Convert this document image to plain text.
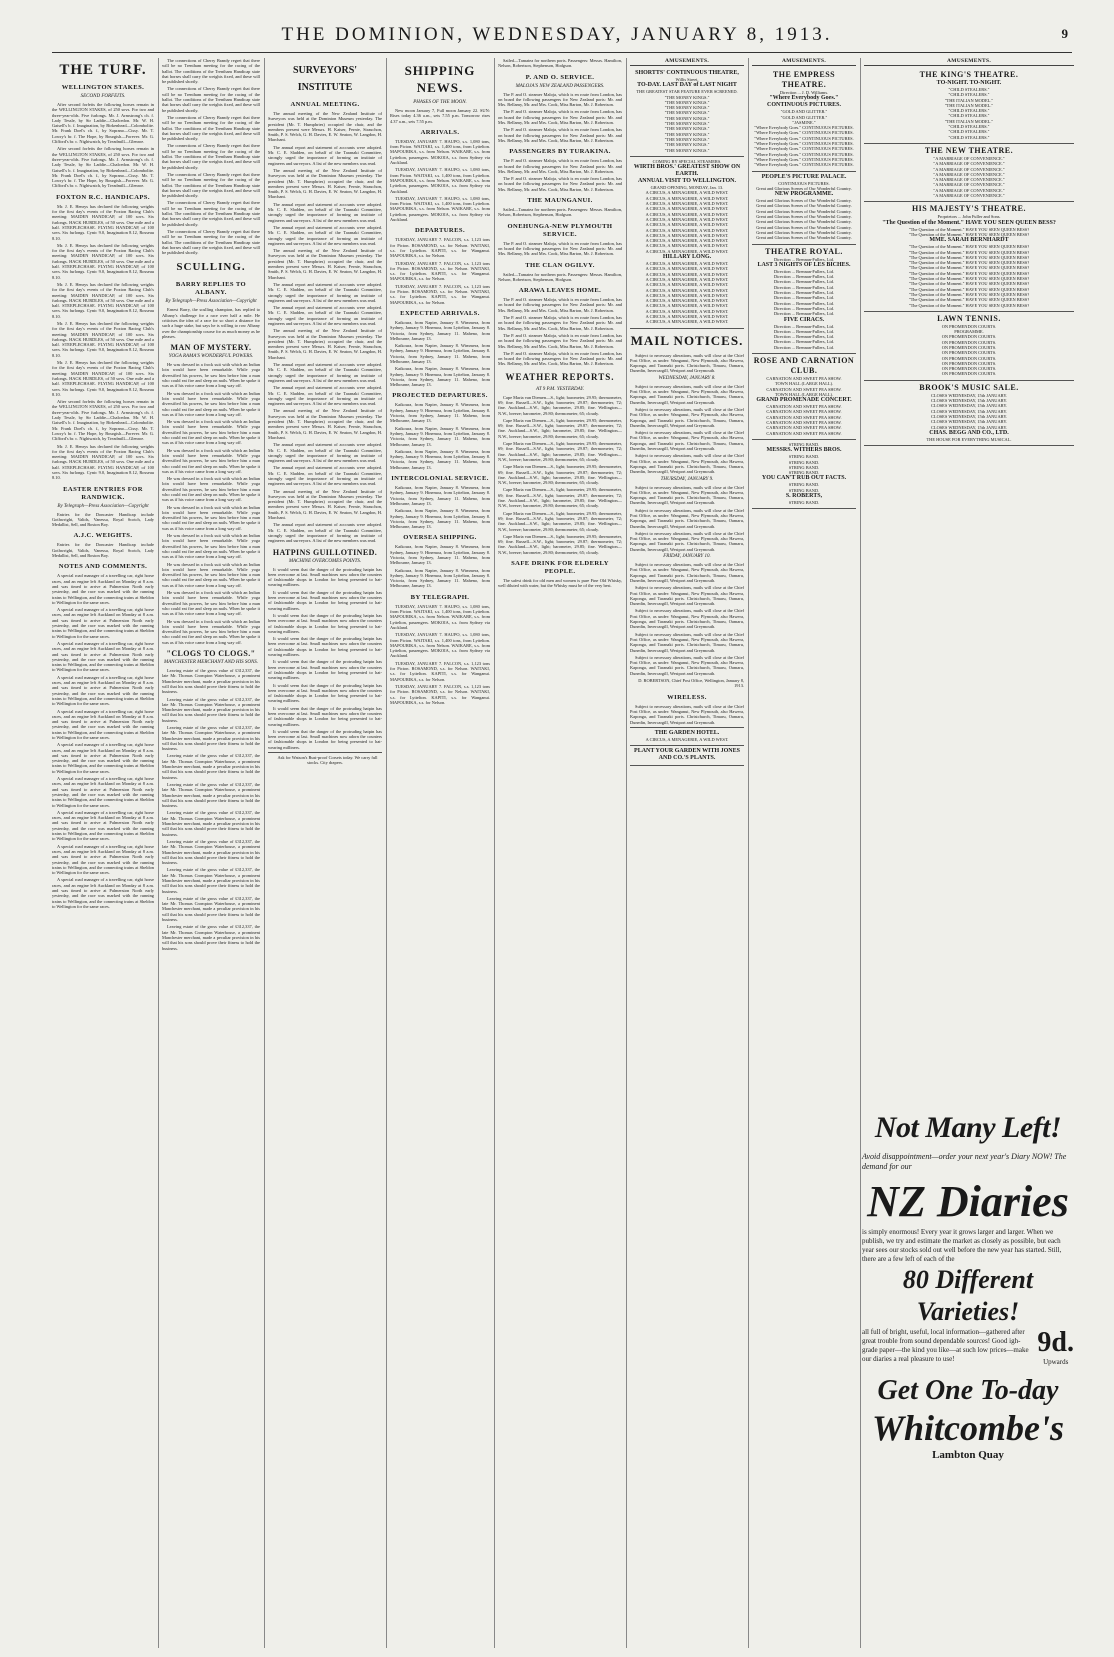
THE DOMINION, WEDNESDAY, JANUARY 8, 1913.	9
THE TURF.
WELLINGTON STAKES.
SECOND FORFEITS.

After second forfeits the following horses remain in the WELLINGTON STAKES, of 250 sovs. For two and three-year-olds. Five furlongs. Mr. J. Armstrong's ch. f. Lady Tessle, by Sir Laddie—Chalcedon. Mr. W. H. Gaisell's b. f. Imagination, by Birkenhead—Colombolite. Mr. Frank Doel's ch. f., by Soprano—Cissy. Mr. T. Lowry's br. f. The Hope, by Bourgish—Forever. Mr. G. Clifford's br. c. Nightwatch, by Treadmill—Glenroe.

After second forfeits the following horses remain in the WELLINGTON STAKES, of 250 sovs. For two and three-year-olds. Five furlongs. Mr. J. Armstrong's ch. f. Lady Tessle, by Sir Laddie—Chalcedon. Mr. W. H. Gaisell's b. f. Imagination, by Birkenhead—Colombolite. Mr. Frank Doel's ch. f., by Soprano—Cissy. Mr. T. Lowry's br. f. The Hope, by Bourgish—Forever. Mr. G. Clifford's br. c. Nightwatch, by Treadmill—Glenroe.

FOXTON R.C. HANDICAPS.

Mr. J. E. Henrys has declared the following weights for the first day's events of the Foxton Racing Club's meeting: MAIDEN HANDICAP, of 100 sovs. Six furlongs. HACK HURDLES, of 50 sovs. One mile and a half. STEEPLECHASE. FLYING HANDICAP, of 100 sovs. Six furlongs. Cynic 9.0, Imagination 8.12, Rosseau 8.10.

Mr. J. E. Henrys has declared the following weights for the first day's events of the Foxton Racing Club's meeting: MAIDEN HANDICAP, of 100 sovs. Six furlongs. HACK HURDLES, of 50 sovs. One mile and a half. STEEPLECHASE. FLYING HANDICAP, of 100 sovs. Six furlongs. Cynic 9.0, Imagination 8.12, Rosseau 8.10.

Mr. J. E. Henrys has declared the following weights for the first day's events of the Foxton Racing Club's meeting: MAIDEN HANDICAP, of 100 sovs. Six furlongs. HACK HURDLES, of 50 sovs. One mile and a half. STEEPLECHASE. FLYING HANDICAP, of 100 sovs. Six furlongs. Cynic 9.0, Imagination 8.12, Rosseau 8.10.

Mr. J. E. Henrys has declared the following weights for the first day's events of the Foxton Racing Club's meeting: MAIDEN HANDICAP, of 100 sovs. Six furlongs. HACK HURDLES, of 50 sovs. One mile and a half. STEEPLECHASE. FLYING HANDICAP, of 100 sovs. Six furlongs. Cynic 9.0, Imagination 8.12, Rosseau 8.10.

Mr. J. E. Henrys has declared the following weights for the first day's events of the Foxton Racing Club's meeting: MAIDEN HANDICAP, of 100 sovs. Six furlongs. HACK HURDLES, of 50 sovs. One mile and a half. STEEPLECHASE. FLYING HANDICAP, of 100 sovs. Six furlongs. Cynic 9.0, Imagination 8.12, Rosseau 8.10.

After second forfeits the following horses remain in the WELLINGTON STAKES, of 250 sovs. For two and three-year-olds. Five furlongs. Mr. J. Armstrong's ch. f. Lady Tessle, by Sir Laddie—Chalcedon. Mr. W. H. Gaisell's b. f. Imagination, by Birkenhead—Colombolite. Mr. Frank Doel's ch. f., by Soprano—Cissy. Mr. T. Lowry's br. f. The Hope, by Bourgish—Forever. Mr. G. Clifford's br. c. Nightwatch, by Treadmill—Glenroe.

Mr. J. E. Henrys has declared the following weights for the first day's events of the Foxton Racing Club's meeting: MAIDEN HANDICAP, of 100 sovs. Six furlongs. HACK HURDLES, of 50 sovs. One mile and a half. STEEPLECHASE. FLYING HANDICAP, of 100 sovs. Six furlongs. Cynic 9.0, Imagination 8.12, Rosseau 8.10.

EASTER ENTRIES FOR RANDWICK.
By Telegraph—Press Association—Copyright

Entries for the Doncaster Handicap include Gothwright, Valids, Vanessa, Royal Scotch, Lady Medallist, Sell, and Boston Boy.

A.J.C. WEIGHTS.

Entries for the Doncaster Handicap include Gothwright, Valids, Vanessa, Royal Scotch, Lady Medallist, Sell, and Boston Boy.

NOTES AND COMMENTS.

A special road manager of a travelling car, right horse races, and an engine left Auckland on Monday at 8 a.m. and was timed to arrive at Palmerston North early yesterday, and the race was marked with the running trains to Wellington, and the connecting trains at Sheldon to Wellington for the same races.

A special road manager of a travelling car, right horse races, and an engine left Auckland on Monday at 8 a.m. and was timed to arrive at Palmerston North early yesterday, and the race was marked with the running trains to Wellington, and the connecting trains at Sheldon to Wellington for the same races.

A special road manager of a travelling car, right horse races, and an engine left Auckland on Monday at 8 a.m. and was timed to arrive at Palmerston North early yesterday, and the race was marked with the running trains to Wellington, and the connecting trains at Sheldon to Wellington for the same races.

A special road manager of a travelling car, right horse races, and an engine left Auckland on Monday at 8 a.m. and was timed to arrive at Palmerston North early yesterday, and the race was marked with the running trains to Wellington, and the connecting trains at Sheldon to Wellington for the same races.

A special road manager of a travelling car, right horse races, and an engine left Auckland on Monday at 8 a.m. and was timed to arrive at Palmerston North early yesterday, and the race was marked with the running trains to Wellington, and the connecting trains at Sheldon to Wellington for the same races.

A special road manager of a travelling car, right horse races, and an engine left Auckland on Monday at 8 a.m. and was timed to arrive at Palmerston North early yesterday, and the race was marked with the running trains to Wellington, and the connecting trains at Sheldon to Wellington for the same races.

A special road manager of a travelling car, right horse races, and an engine left Auckland on Monday at 8 a.m. and was timed to arrive at Palmerston North early yesterday, and the race was marked with the running trains to Wellington, and the connecting trains at Sheldon to Wellington for the same races.

A special road manager of a travelling car, right horse races, and an engine left Auckland on Monday at 8 a.m. and was timed to arrive at Palmerston North early yesterday, and the race was marked with the running trains to Wellington, and the connecting trains at Sheldon to Wellington for the same races.

A special road manager of a travelling car, right horse races, and an engine left Auckland on Monday at 8 a.m. and was timed to arrive at Palmerston North early yesterday, and the race was marked with the running trains to Wellington, and the connecting trains at Sheldon to Wellington for the same races.

A special road manager of a travelling car, right horse races, and an engine left Auckland on Monday at 8 a.m. and was timed to arrive at Palmerston North early yesterday, and the race was marked with the running trains to Wellington, and the connecting trains at Sheldon to Wellington for the same races.

The connections of Cherry Brandy regret that there will be no Trentham meeting for the racing of the ballot. The conditions of the Trentham Handicap state that horses shall carry the weights fixed, and these will be published shortly.

The connections of Cherry Brandy regret that there will be no Trentham meeting for the racing of the ballot. The conditions of the Trentham Handicap state that horses shall carry the weights fixed, and these will be published shortly.

The connections of Cherry Brandy regret that there will be no Trentham meeting for the racing of the ballot. The conditions of the Trentham Handicap state that horses shall carry the weights fixed, and these will be published shortly.

The connections of Cherry Brandy regret that there will be no Trentham meeting for the racing of the ballot. The conditions of the Trentham Handicap state that horses shall carry the weights fixed, and these will be published shortly.

The connections of Cherry Brandy regret that there will be no Trentham meeting for the racing of the ballot. The conditions of the Trentham Handicap state that horses shall carry the weights fixed, and these will be published shortly.

The connections of Cherry Brandy regret that there will be no Trentham meeting for the racing of the ballot. The conditions of the Trentham Handicap state that horses shall carry the weights fixed, and these will be published shortly.

The connections of Cherry Brandy regret that there will be no Trentham meeting for the racing of the ballot. The conditions of the Trentham Handicap state that horses shall carry the weights fixed, and these will be published shortly.

SCULLING.
BARRY REPLIES TO ALBANY.
By Telegraph—Press Association—Copyright

Ernest Barry, the sculling champion, has replied to Albany's challenge for a race over half a mile. He criticises the idea of a race for so short a distance for such a huge stake, but says he is willing to row Albany over the championship course for as much money as he pleases.

MAN OF MYSTERY.
YOGA RAMA'S WONDERFUL POWERS.

He was dressed in a frock suit with which an Indian loin would have been remarkable. While yoga diversified his powers, he saw him before him a man who could eat fire and sleep on nails. When he spoke it was as if his voice came from a long way off.

He was dressed in a frock suit with which an Indian loin would have been remarkable. While yoga diversified his powers, he saw him before him a man who could eat fire and sleep on nails. When he spoke it was as if his voice came from a long way off.

He was dressed in a frock suit with which an Indian loin would have been remarkable. While yoga diversified his powers, he saw him before him a man who could eat fire and sleep on nails. When he spoke it was as if his voice came from a long way off.

He was dressed in a frock suit with which an Indian loin would have been remarkable. While yoga diversified his powers, he saw him before him a man who could eat fire and sleep on nails. When he spoke it was as if his voice came from a long way off.

He was dressed in a frock suit with which an Indian loin would have been remarkable. While yoga diversified his powers, he saw him before him a man who could eat fire and sleep on nails. When he spoke it was as if his voice came from a long way off.

He was dressed in a frock suit with which an Indian loin would have been remarkable. While yoga diversified his powers, he saw him before him a man who could eat fire and sleep on nails. When he spoke it was as if his voice came from a long way off.

He was dressed in a frock suit with which an Indian loin would have been remarkable. While yoga diversified his powers, he saw him before him a man who could eat fire and sleep on nails. When he spoke it was as if his voice came from a long way off.

He was dressed in a frock suit with which an Indian loin would have been remarkable. While yoga diversified his powers, he saw him before him a man who could eat fire and sleep on nails. When he spoke it was as if his voice came from a long way off.

He was dressed in a frock suit with which an Indian loin would have been remarkable. While yoga diversified his powers, he saw him before him a man who could eat fire and sleep on nails. When he spoke it was as if his voice came from a long way off.

He was dressed in a frock suit with which an Indian loin would have been remarkable. While yoga diversified his powers, he saw him before him a man who could eat fire and sleep on nails. When he spoke it was as if his voice came from a long way off.

"CLOGS TO CLOGS."
MANCHESTER MERCHANT AND HIS SONS.

Leaving estate of the gross value of £312,337, the late Mr. Thomas Crompton Waterhouse, a prominent Manchester merchant, made a peculiar provision in his will that his sons should prove their fitness to hold the business.

Leaving estate of the gross value of £312,337, the late Mr. Thomas Crompton Waterhouse, a prominent Manchester merchant, made a peculiar provision in his will that his sons should prove their fitness to hold the business.

Leaving estate of the gross value of £312,337, the late Mr. Thomas Crompton Waterhouse, a prominent Manchester merchant, made a peculiar provision in his will that his sons should prove their fitness to hold the business.

Leaving estate of the gross value of £312,337, the late Mr. Thomas Crompton Waterhouse, a prominent Manchester merchant, made a peculiar provision in his will that his sons should prove their fitness to hold the business.

Leaving estate of the gross value of £312,337, the late Mr. Thomas Crompton Waterhouse, a prominent Manchester merchant, made a peculiar provision in his will that his sons should prove their fitness to hold the business.

Leaving estate of the gross value of £312,337, the late Mr. Thomas Crompton Waterhouse, a prominent Manchester merchant, made a peculiar provision in his will that his sons should prove their fitness to hold the business.

Leaving estate of the gross value of £312,337, the late Mr. Thomas Crompton Waterhouse, a prominent Manchester merchant, made a peculiar provision in his will that his sons should prove their fitness to hold the business.

Leaving estate of the gross value of £312,337, the late Mr. Thomas Crompton Waterhouse, a prominent Manchester merchant, made a peculiar provision in his will that his sons should prove their fitness to hold the business.

Leaving estate of the gross value of £312,337, the late Mr. Thomas Crompton Waterhouse, a prominent Manchester merchant, made a peculiar provision in his will that his sons should prove their fitness to hold the business.

Leaving estate of the gross value of £312,337, the late Mr. Thomas Crompton Waterhouse, a prominent Manchester merchant, made a peculiar provision in his will that his sons should prove their fitness to hold the business.

SURVEYORS' INSTITUTE
ANNUAL MEETING.

The annual meeting of the New Zealand Institute of Surveyors was held at the Dominion Museum yesterday. The president (Mr. T. Humphries) occupied the chair, and the members present were Messrs. H. Kaiser, Fernie, Strauchon, Smith, P. S. Welch, G. H. Davies, E. W. Seaton, W. Langdon, H. Marchant.

The annual report and statement of accounts were adopted. Mr. C. E. Sladden, on behalf of the Taranaki Committee, strongly urged the importance of forming an institute of engineers and surveyors. A list of the new members was read.

The annual meeting of the New Zealand Institute of Surveyors was held at the Dominion Museum yesterday. The president (Mr. T. Humphries) occupied the chair, and the members present were Messrs. H. Kaiser, Fernie, Strauchon, Smith, P. S. Welch, G. H. Davies, E. W. Seaton, W. Langdon, H. Marchant.

The annual report and statement of accounts were adopted. Mr. C. E. Sladden, on behalf of the Taranaki Committee, strongly urged the importance of forming an institute of engineers and surveyors. A list of the new members was read.

The annual report and statement of accounts were adopted. Mr. C. E. Sladden, on behalf of the Taranaki Committee, strongly urged the importance of forming an institute of engineers and surveyors. A list of the new members was read.

The annual meeting of the New Zealand Institute of Surveyors was held at the Dominion Museum yesterday. The president (Mr. T. Humphries) occupied the chair, and the members present were Messrs. H. Kaiser, Fernie, Strauchon, Smith, P. S. Welch, G. H. Davies, E. W. Seaton, W. Langdon, H. Marchant.

The annual report and statement of accounts were adopted. Mr. C. E. Sladden, on behalf of the Taranaki Committee, strongly urged the importance of forming an institute of engineers and surveyors. A list of the new members was read.

The annual report and statement of accounts were adopted. Mr. C. E. Sladden, on behalf of the Taranaki Committee, strongly urged the importance of forming an institute of engineers and surveyors. A list of the new members was read.

The annual meeting of the New Zealand Institute of Surveyors was held at the Dominion Museum yesterday. The president (Mr. T. Humphries) occupied the chair, and the members present were Messrs. H. Kaiser, Fernie, Strauchon, Smith, P. S. Welch, G. H. Davies, E. W. Seaton, W. Langdon, H. Marchant.

The annual report and statement of accounts were adopted. Mr. C. E. Sladden, on behalf of the Taranaki Committee, strongly urged the importance of forming an institute of engineers and surveyors. A list of the new members was read.

The annual report and statement of accounts were adopted. Mr. C. E. Sladden, on behalf of the Taranaki Committee, strongly urged the importance of forming an institute of engineers and surveyors. A list of the new members was read.

The annual meeting of the New Zealand Institute of Surveyors was held at the Dominion Museum yesterday. The president (Mr. T. Humphries) occupied the chair, and the members present were Messrs. H. Kaiser, Fernie, Strauchon, Smith, P. S. Welch, G. H. Davies, E. W. Seaton, W. Langdon, H. Marchant.

The annual report and statement of accounts were adopted. Mr. C. E. Sladden, on behalf of the Taranaki Committee, strongly urged the importance of forming an institute of engineers and surveyors. A list of the new members was read.

The annual report and statement of accounts were adopted. Mr. C. E. Sladden, on behalf of the Taranaki Committee, strongly urged the importance of forming an institute of engineers and surveyors. A list of the new members was read.

The annual meeting of the New Zealand Institute of Surveyors was held at the Dominion Museum yesterday. The president (Mr. T. Humphries) occupied the chair, and the members present were Messrs. H. Kaiser, Fernie, Strauchon, Smith, P. S. Welch, G. H. Davies, E. W. Seaton, W. Langdon, H. Marchant.

The annual report and statement of accounts were adopted. Mr. C. E. Sladden, on behalf of the Taranaki Committee, strongly urged the importance of forming an institute of engineers and surveyors. A list of the new members was read.

HATPINS GUILLOTINED.
MACHINE OVERCOMES POINTS.

It would seem that the danger of the protruding hatpin has been overcome at last. Small machines now adorn the counters of fashionable shops in London for being presented to hat-wearing milliners.

It would seem that the danger of the protruding hatpin has been overcome at last. Small machines now adorn the counters of fashionable shops in London for being presented to hat-wearing milliners.

It would seem that the danger of the protruding hatpin has been overcome at last. Small machines now adorn the counters of fashionable shops in London for being presented to hat-wearing milliners.

It would seem that the danger of the protruding hatpin has been overcome at last. Small machines now adorn the counters of fashionable shops in London for being presented to hat-wearing milliners.

It would seem that the danger of the protruding hatpin has been overcome at last. Small machines now adorn the counters of fashionable shops in London for being presented to hat-wearing milliners.

It would seem that the danger of the protruding hatpin has been overcome at last. Small machines now adorn the counters of fashionable shops in London for being presented to hat-wearing milliners.

It would seem that the danger of the protruding hatpin has been overcome at last. Small machines now adorn the counters of fashionable shops in London for being presented to hat-wearing milliners.

It would seem that the danger of the protruding hatpin has been overcome at last. Small machines now adorn the counters of fashionable shops in London for being presented to hat-wearing milliners.

Ask for Watson's Rust-proof Corsets today. We carry full stocks. City drapers.

SHIPPING NEWS.
PHASES OF THE MOON.

New moon January 7, Full moon January 22. SUN: Rises today 4.36 a.m., sets 7.55 p.m. Tomorrow rises 4.37 a.m., sets 7.55 p.m.

ARRIVALS.

TUESDAY, JANUARY 7. HAUPO, s.s. 1,080 tons, from Picton. WAITAKI, s.s. 1,400 tons, from Lyttelton. MAPOURIKA, s.s. from Nelson. WAIKARE, s.s. from Lyttelton, passengers. MOKOIA, s.s. from Sydney via Auckland.

TUESDAY, JANUARY 7. HAUPO, s.s. 1,080 tons, from Picton. WAITAKI, s.s. 1,400 tons, from Lyttelton. MAPOURIKA, s.s. from Nelson. WAIKARE, s.s. from Lyttelton, passengers. MOKOIA, s.s. from Sydney via Auckland.

TUESDAY, JANUARY 7. HAUPO, s.s. 1,080 tons, from Picton. WAITAKI, s.s. 1,400 tons, from Lyttelton. MAPOURIKA, s.s. from Nelson. WAIKARE, s.s. from Lyttelton, passengers. MOKOIA, s.s. from Sydney via Auckland.

DEPARTURES.

TUESDAY, JANUARY 7. FALCON, s.s. 1,123 tons for Picton. ROSAMOND, s.s. for Nelson. WAITAKI, s.s. for Lyttelton. KAPITI, s.s. for Wanganui. MAPOURIKA, s.s. for Nelson.

TUESDAY, JANUARY 7. FALCON, s.s. 1,123 tons for Picton. ROSAMOND, s.s. for Nelson. WAITAKI, s.s. for Lyttelton. KAPITI, s.s. for Wanganui. MAPOURIKA, s.s. for Nelson.

TUESDAY, JANUARY 7. FALCON, s.s. 1,123 tons for Picton. ROSAMOND, s.s. for Nelson. WAITAKI, s.s. for Lyttelton. KAPITI, s.s. for Wanganui. MAPOURIKA, s.s. for Nelson.

EXPECTED ARRIVALS.

Kaikoura, from Napier, January 8. Wimmera, from Sydney, January 9. Hinemoa, from Lyttelton, January 8. Victoria, from Sydney, January 11. Maheno, from Melbourne, January 13.

Kaikoura, from Napier, January 8. Wimmera, from Sydney, January 9. Hinemoa, from Lyttelton, January 8. Victoria, from Sydney, January 11. Maheno, from Melbourne, January 13.

Kaikoura, from Napier, January 8. Wimmera, from Sydney, January 9. Hinemoa, from Lyttelton, January 8. Victoria, from Sydney, January 11. Maheno, from Melbourne, January 13.

PROJECTED DEPARTURES.

Kaikoura, from Napier, January 8. Wimmera, from Sydney, January 9. Hinemoa, from Lyttelton, January 8. Victoria, from Sydney, January 11. Maheno, from Melbourne, January 13.

Kaikoura, from Napier, January 8. Wimmera, from Sydney, January 9. Hinemoa, from Lyttelton, January 8. Victoria, from Sydney, January 11. Maheno, from Melbourne, January 13.

Kaikoura, from Napier, January 8. Wimmera, from Sydney, January 9. Hinemoa, from Lyttelton, January 8. Victoria, from Sydney, January 11. Maheno, from Melbourne, January 13.

INTERCOLONIAL SERVICE.

Kaikoura, from Napier, January 8. Wimmera, from Sydney, January 9. Hinemoa, from Lyttelton, January 8. Victoria, from Sydney, January 11. Maheno, from Melbourne, January 13.

Kaikoura, from Napier, January 8. Wimmera, from Sydney, January 9. Hinemoa, from Lyttelton, January 8. Victoria, from Sydney, January 11. Maheno, from Melbourne, January 13.

OVERSEA SHIPPING.

Kaikoura, from Napier, January 8. Wimmera, from Sydney, January 9. Hinemoa, from Lyttelton, January 8. Victoria, from Sydney, January 11. Maheno, from Melbourne, January 13.

Kaikoura, from Napier, January 8. Wimmera, from Sydney, January 9. Hinemoa, from Lyttelton, January 8. Victoria, from Sydney, January 11. Maheno, from Melbourne, January 13.

BY TELEGRAPH.

TUESDAY, JANUARY 7. HAUPO, s.s. 1,080 tons, from Picton. WAITAKI, s.s. 1,400 tons, from Lyttelton. MAPOURIKA, s.s. from Nelson. WAIKARE, s.s. from Lyttelton, passengers. MOKOIA, s.s. from Sydney via Auckland.

TUESDAY, JANUARY 7. HAUPO, s.s. 1,080 tons, from Picton. WAITAKI, s.s. 1,400 tons, from Lyttelton. MAPOURIKA, s.s. from Nelson. WAIKARE, s.s. from Lyttelton, passengers. MOKOIA, s.s. from Sydney via Auckland.

TUESDAY, JANUARY 7. FALCON, s.s. 1,123 tons for Picton. ROSAMOND, s.s. for Nelson. WAITAKI, s.s. for Lyttelton. KAPITI, s.s. for Wanganui. MAPOURIKA, s.s. for Nelson.

TUESDAY, JANUARY 7. FALCON, s.s. 1,123 tons for Picton. ROSAMOND, s.s. for Nelson. WAITAKI, s.s. for Lyttelton. KAPITI, s.s. for Wanganui. MAPOURIKA, s.s. for Nelson.

Sailed—Tamatea for northern ports. Passengers: Messrs. Hamilton, Nelson, Robertson, Stephenson, Hodgson.

P. AND O. SERVICE.
MALOJA'S NEW ZEALAND PASSENGERS.

The P. and O. steamer Maloja, which is en route from London, has on board the following passengers for New Zealand ports: Mr. and Mrs. Bellamy, Mr. and Mrs. Cook, Miss Barton, Mr. J. Robertson.

The P. and O. steamer Maloja, which is en route from London, has on board the following passengers for New Zealand ports: Mr. and Mrs. Bellamy, Mr. and Mrs. Cook, Miss Barton, Mr. J. Robertson.

The P. and O. steamer Maloja, which is en route from London, has on board the following passengers for New Zealand ports: Mr. and Mrs. Bellamy, Mr. and Mrs. Cook, Miss Barton, Mr. J. Robertson.

PASSENGERS BY TURAKINA.

The P. and O. steamer Maloja, which is en route from London, has on board the following passengers for New Zealand ports: Mr. and Mrs. Bellamy, Mr. and Mrs. Cook, Miss Barton, Mr. J. Robertson.

The P. and O. steamer Maloja, which is en route from London, has on board the following passengers for New Zealand ports: Mr. and Mrs. Bellamy, Mr. and Mrs. Cook, Miss Barton, Mr. J. Robertson.

THE MAUNGANUI.

Sailed—Tamatea for northern ports. Passengers: Messrs. Hamilton, Nelson, Robertson, Stephenson, Hodgson.

ONEHUNGA-NEW PLYMOUTH SERVICE.

The P. and O. steamer Maloja, which is en route from London, has on board the following passengers for New Zealand ports: Mr. and Mrs. Bellamy, Mr. and Mrs. Cook, Miss Barton, Mr. J. Robertson.

THE CLAN OGILVY.

Sailed—Tamatea for northern ports. Passengers: Messrs. Hamilton, Nelson, Robertson, Stephenson, Hodgson.

ARAWA LEAVES HOME.

The P. and O. steamer Maloja, which is en route from London, has on board the following passengers for New Zealand ports: Mr. and Mrs. Bellamy, Mr. and Mrs. Cook, Miss Barton, Mr. J. Robertson.

The P. and O. steamer Maloja, which is en route from London, has on board the following passengers for New Zealand ports: Mr. and Mrs. Bellamy, Mr. and Mrs. Cook, Miss Barton, Mr. J. Robertson.

The P. and O. steamer Maloja, which is en route from London, has on board the following passengers for New Zealand ports: Mr. and Mrs. Bellamy, Mr. and Mrs. Cook, Miss Barton, Mr. J. Robertson.

The P. and O. steamer Maloja, which is en route from London, has on board the following passengers for New Zealand ports: Mr. and Mrs. Bellamy, Mr. and Mrs. Cook, Miss Barton, Mr. J. Robertson.

WEATHER REPORTS.
AT 9 P.M. YESTERDAY.

Cape Maria van Diemen—S., light; barometer, 29.95; thermometer, 69; fine. Russell—S.W., light; barometer, 29.87; thermometer, 72; fine. Auckland—S.W., light; barometer, 29.85; fine. Wellington—N.W., breeze; barometer, 29.80; thermometer, 65; cloudy.

Cape Maria van Diemen—S., light; barometer, 29.95; thermometer, 69; fine. Russell—S.W., light; barometer, 29.87; thermometer, 72; fine. Auckland—S.W., light; barometer, 29.85; fine. Wellington—N.W., breeze; barometer, 29.80; thermometer, 65; cloudy.

Cape Maria van Diemen—S., light; barometer, 29.95; thermometer, 69; fine. Russell—S.W., light; barometer, 29.87; thermometer, 72; fine. Auckland—S.W., light; barometer, 29.85; fine. Wellington—N.W., breeze; barometer, 29.80; thermometer, 65; cloudy.

Cape Maria van Diemen—S., light; barometer, 29.95; thermometer, 69; fine. Russell—S.W., light; barometer, 29.87; thermometer, 72; fine. Auckland—S.W., light; barometer, 29.85; fine. Wellington—N.W., breeze; barometer, 29.80; thermometer, 65; cloudy.

Cape Maria van Diemen—S., light; barometer, 29.95; thermometer, 69; fine. Russell—S.W., light; barometer, 29.87; thermometer, 72; fine. Auckland—S.W., light; barometer, 29.85; fine. Wellington—N.W., breeze; barometer, 29.80; thermometer, 65; cloudy.

Cape Maria van Diemen—S., light; barometer, 29.95; thermometer, 69; fine. Russell—S.W., light; barometer, 29.87; thermometer, 72; fine. Auckland—S.W., light; barometer, 29.85; fine. Wellington—N.W., breeze; barometer, 29.80; thermometer, 65; cloudy.

Cape Maria van Diemen—S., light; barometer, 29.95; thermometer, 69; fine. Russell—S.W., light; barometer, 29.87; thermometer, 72; fine. Auckland—S.W., light; barometer, 29.85; fine. Wellington—N.W., breeze; barometer, 29.80; thermometer, 65; cloudy.

SAFE DRINK FOR ELDERLY PEOPLE.

The safest drink for old men and women is pure Fine Old Whisky, well diluted with water, but the Whisky must be of the very best.

AMUSEMENTS.
SHORTTS' CONTINUOUS THEATRE,
Willis Street.
TO-DAY. LAST DAY of LAST NIGHT
THE GREATEST STAR FEATURE EVER SCREENED.
"THE MONEY KINGS."
"THE MONEY KINGS."
"THE MONEY KINGS."
"THE MONEY KINGS."
"THE MONEY KINGS."
"THE MONEY KINGS."
"THE MONEY KINGS."
"THE MONEY KINGS."
"THE MONEY KINGS."
"THE MONEY KINGS."
"THE MONEY KINGS."
COMING BY SPECIAL STEAMERS.
WIRTH BROS.' GREATEST SHOW ON EARTH.
ANNUAL VISIT TO WELLINGTON.
GRAND OPENING, MONDAY, Jan. 13.
A CIRCUS, A MENAGERIE, A WILD WEST.
A CIRCUS, A MENAGERIE, A WILD WEST.
A CIRCUS, A MENAGERIE, A WILD WEST.
A CIRCUS, A MENAGERIE, A WILD WEST.
A CIRCUS, A MENAGERIE, A WILD WEST.
A CIRCUS, A MENAGERIE, A WILD WEST.
A CIRCUS, A MENAGERIE, A WILD WEST.
A CIRCUS, A MENAGERIE, A WILD WEST.
A CIRCUS, A MENAGERIE, A WILD WEST.
A CIRCUS, A MENAGERIE, A WILD WEST.
A CIRCUS, A MENAGERIE, A WILD WEST.
A CIRCUS, A MENAGERIE, A WILD WEST.
HILLARY LONG.
A CIRCUS, A MENAGERIE, A WILD WEST.
A CIRCUS, A MENAGERIE, A WILD WEST.
A CIRCUS, A MENAGERIE, A WILD WEST.
A CIRCUS, A MENAGERIE, A WILD WEST.
A CIRCUS, A MENAGERIE, A WILD WEST.
A CIRCUS, A MENAGERIE, A WILD WEST.
A CIRCUS, A MENAGERIE, A WILD WEST.
A CIRCUS, A MENAGERIE, A WILD WEST.
A CIRCUS, A MENAGERIE, A WILD WEST.
A CIRCUS, A MENAGERIE, A WILD WEST.
A CIRCUS, A MENAGERIE, A WILD WEST.
A CIRCUS, A MENAGERIE, A WILD WEST.
MAIL NOTICES.

Subject to necessary alterations, mails will close at the Chief Post Office, as under: Wanganui, New Plymouth, also Hawera, Kaponga, and Taranaki ports. Christchurch, Timaru, Oamaru, Dunedin, Invercargill, Westport and Greymouth.

WEDNESDAY, JANUARY 8.

Subject to necessary alterations, mails will close at the Chief Post Office, as under: Wanganui, New Plymouth, also Hawera, Kaponga, and Taranaki ports. Christchurch, Timaru, Oamaru, Dunedin, Invercargill, Westport and Greymouth.

Subject to necessary alterations, mails will close at the Chief Post Office, as under: Wanganui, New Plymouth, also Hawera, Kaponga, and Taranaki ports. Christchurch, Timaru, Oamaru, Dunedin, Invercargill, Westport and Greymouth.

Subject to necessary alterations, mails will close at the Chief Post Office, as under: Wanganui, New Plymouth, also Hawera, Kaponga, and Taranaki ports. Christchurch, Timaru, Oamaru, Dunedin, Invercargill, Westport and Greymouth.

Subject to necessary alterations, mails will close at the Chief Post Office, as under: Wanganui, New Plymouth, also Hawera, Kaponga, and Taranaki ports. Christchurch, Timaru, Oamaru, Dunedin, Invercargill, Westport and Greymouth.

THURSDAY, JANUARY 9.

Subject to necessary alterations, mails will close at the Chief Post Office, as under: Wanganui, New Plymouth, also Hawera, Kaponga, and Taranaki ports. Christchurch, Timaru, Oamaru, Dunedin, Invercargill, Westport and Greymouth.

Subject to necessary alterations, mails will close at the Chief Post Office, as under: Wanganui, New Plymouth, also Hawera, Kaponga, and Taranaki ports. Christchurch, Timaru, Oamaru, Dunedin, Invercargill, Westport and Greymouth.

Subject to necessary alterations, mails will close at the Chief Post Office, as under: Wanganui, New Plymouth, also Hawera, Kaponga, and Taranaki ports. Christchurch, Timaru, Oamaru, Dunedin, Invercargill, Westport and Greymouth.

FRIDAY, JANUARY 10.

Subject to necessary alterations, mails will close at the Chief Post Office, as under: Wanganui, New Plymouth, also Hawera, Kaponga, and Taranaki ports. Christchurch, Timaru, Oamaru, Dunedin, Invercargill, Westport and Greymouth.

Subject to necessary alterations, mails will close at the Chief Post Office, as under: Wanganui, New Plymouth, also Hawera, Kaponga, and Taranaki ports. Christchurch, Timaru, Oamaru, Dunedin, Invercargill, Westport and Greymouth.

Subject to necessary alterations, mails will close at the Chief Post Office, as under: Wanganui, New Plymouth, also Hawera, Kaponga, and Taranaki ports. Christchurch, Timaru, Oamaru, Dunedin, Invercargill, Westport and Greymouth.

Subject to necessary alterations, mails will close at the Chief Post Office, as under: Wanganui, New Plymouth, also Hawera, Kaponga, and Taranaki ports. Christchurch, Timaru, Oamaru, Dunedin, Invercargill, Westport and Greymouth.

Subject to necessary alterations, mails will close at the Chief Post Office, as under: Wanganui, New Plymouth, also Hawera, Kaponga, and Taranaki ports. Christchurch, Timaru, Oamaru, Dunedin, Invercargill, Westport and Greymouth.

D. ROBERTSON, Chief Post Office, Wellington, January 8, 1913.

WIRELESS.

Subject to necessary alterations, mails will close at the Chief Post Office, as under: Wanganui, New Plymouth, also Hawera, Kaponga, and Taranaki ports. Christchurch, Timaru, Oamaru, Dunedin, Invercargill, Westport and Greymouth.

THE GARDEN HOTEL.
A CIRCUS, A MENAGERIE, A WILD WEST.
PLANT YOUR GARDEN WITH JONES AND CO.'S PLANTS.
AMUSEMENTS.
THE EMPRESS THEATRE.
Direction ... J. D. Williams.
"Where Everybody Goes." CONTINUOUS PICTURES.
"GOLD AND GLITTER."
"GOLD AND GLITTER."
"JASMINE."
"Where Everybody Goes." CONTINUOUS PICTURES.
"Where Everybody Goes." CONTINUOUS PICTURES.
"Where Everybody Goes." CONTINUOUS PICTURES.
"Where Everybody Goes." CONTINUOUS PICTURES.
"Where Everybody Goes." CONTINUOUS PICTURES.
"Where Everybody Goes." CONTINUOUS PICTURES.
"Where Everybody Goes." CONTINUOUS PICTURES.
"Where Everybody Goes." CONTINUOUS PICTURES.
PEOPLE'S PICTURE PALACE.
CONTINUOUS PICTURES.
Great and Glorious Scenes of Our Wonderful Country.
NEW PROGRAMME.
Great and Glorious Scenes of Our Wonderful Country.
Great and Glorious Scenes of Our Wonderful Country.
Great and Glorious Scenes of Our Wonderful Country.
Great and Glorious Scenes of Our Wonderful Country.
Great and Glorious Scenes of Our Wonderful Country.
Great and Glorious Scenes of Our Wonderful Country.
Great and Glorious Scenes of Our Wonderful Country.
Great and Glorious Scenes of Our Wonderful Country.
THEATRE ROYAL.
Direction ... Brennan-Fullers, Ltd.
LAST 3 NIGHTS OF LES BICHES.
Direction ... Brennan-Fullers, Ltd.
Direction ... Brennan-Fullers, Ltd.
Direction ... Brennan-Fullers, Ltd.
Direction ... Brennan-Fullers, Ltd.
Direction ... Brennan-Fullers, Ltd.
Direction ... Brennan-Fullers, Ltd.
Direction ... Brennan-Fullers, Ltd.
Direction ... Brennan-Fullers, Ltd.
Direction ... Brennan-Fullers, Ltd.
FIVE CIRACS.
Direction ... Brennan-Fullers, Ltd.
Direction ... Brennan-Fullers, Ltd.
Direction ... Brennan-Fullers, Ltd.
Direction ... Brennan-Fullers, Ltd.
Direction ... Brennan-Fullers, Ltd.
ROSE AND CARNATION CLUB.
CARNATION AND SWEET PEA SHOW.
TOWN HALL (LARGE HALL).
CARNATION AND SWEET PEA SHOW.
TOWN HALL (LARGE HALL).
GRAND PROMENADE CONCERT.
CARNATION AND SWEET PEA SHOW.
CARNATION AND SWEET PEA SHOW.
CARNATION AND SWEET PEA SHOW.
CARNATION AND SWEET PEA SHOW.
CARNATION AND SWEET PEA SHOW.
CARNATION AND SWEET PEA SHOW.
STRING BAND.
MESSRS. WITHERS BROS.
STRING BAND.
STRING BAND.
STRING BAND.
STRING BAND.
YOU CAN'T RUB OUT FACTS.
STRING BAND.
STRING BAND.
S. ROBERTS,
STRING BAND.
AMUSEMENTS.
THE KING'S THEATRE.
TO-NIGHT. TO-NIGHT.
"CHILD STEALERS."
"CHILD STEALERS."
"THE ITALIAN MODEL."
"THE ITALIAN MODEL."
"CHILD STEALERS."
"CHILD STEALERS."
"THE ITALIAN MODEL."
"CHILD STEALERS."
"CHILD STEALERS."
"CHILD STEALERS."
THE NEW THEATRE.
"A MARRIAGE OF CONVENIENCE."
"A MARRIAGE OF CONVENIENCE."
"A MARRIAGE OF CONVENIENCE."
"A MARRIAGE OF CONVENIENCE."
"A MARRIAGE OF CONVENIENCE."
"A MARRIAGE OF CONVENIENCE."
"A MARRIAGE OF CONVENIENCE."
"A MARRIAGE OF CONVENIENCE."
HIS MAJESTY'S THEATRE.
Proprietors ... John Fuller and Sons.
"The Question of the Moment." HAVE YOU SEEN QUEEN BESS?
"The Question of the Moment." HAVE YOU SEEN QUEEN BESS?
"The Question of the Moment." HAVE YOU SEEN QUEEN BESS?
MME. SARAH BERNHARDT
"The Question of the Moment." HAVE YOU SEEN QUEEN BESS?
"The Question of the Moment." HAVE YOU SEEN QUEEN BESS?
"The Question of the Moment." HAVE YOU SEEN QUEEN BESS?
"The Question of the Moment." HAVE YOU SEEN QUEEN BESS?
"The Question of the Moment." HAVE YOU SEEN QUEEN BESS?
"The Question of the Moment." HAVE YOU SEEN QUEEN BESS?
"The Question of the Moment." HAVE YOU SEEN QUEEN BESS?
"The Question of the Moment." HAVE YOU SEEN QUEEN BESS?
"The Question of the Moment." HAVE YOU SEEN QUEEN BESS?
"The Question of the Moment." HAVE YOU SEEN QUEEN BESS?
"The Question of the Moment." HAVE YOU SEEN QUEEN BESS?
"The Question of the Moment." HAVE YOU SEEN QUEEN BESS?
LAWN TENNIS.
ON PROMENDON COURTS.
PROGRAMME.
ON PROMENDON COURTS.
ON PROMENDON COURTS.
ON PROMENDON COURTS.
ON PROMENDON COURTS.
ON PROMENDON COURTS.
ON PROMENDON COURTS.
ON PROMENDON COURTS.
ON PROMENDON COURTS.
BROOK'S MUSIC SALE.
CLOSES WEDNESDAY, 15th JANUARY.
CLOSES WEDNESDAY, 15th JANUARY.
CLOSES WEDNESDAY, 15th JANUARY.
CLOSES WEDNESDAY, 15th JANUARY.
CLOSES WEDNESDAY, 15th JANUARY.
CLOSES WEDNESDAY, 15th JANUARY.
CLOSES WEDNESDAY, 15th JANUARY.
CHAS. BEGG AND CO., LTD.
THE HOUSE FOR EVERYTHING MUSICAL.
Not Many Left!
Avoid disappointment—order your next year's Diary NOW! The demand for our
NZ Diaries
is simply enormous! Every year it grows larger and larger. When we publish, we try and estimate the market as closely as possible, but each year sees our stocks sold out well before the new year has started. Still, there are a few left of each of the
80 Different Varieties!
all full of bright, useful, local information—gathered after great trouble from sound dependable sources! Good igh-grade paper—the kind you like—at such low prices—make our diaries a real pleasure to use!
9d.
Upwards
Get One To-day
Whitcombe's
Lambton Quay
